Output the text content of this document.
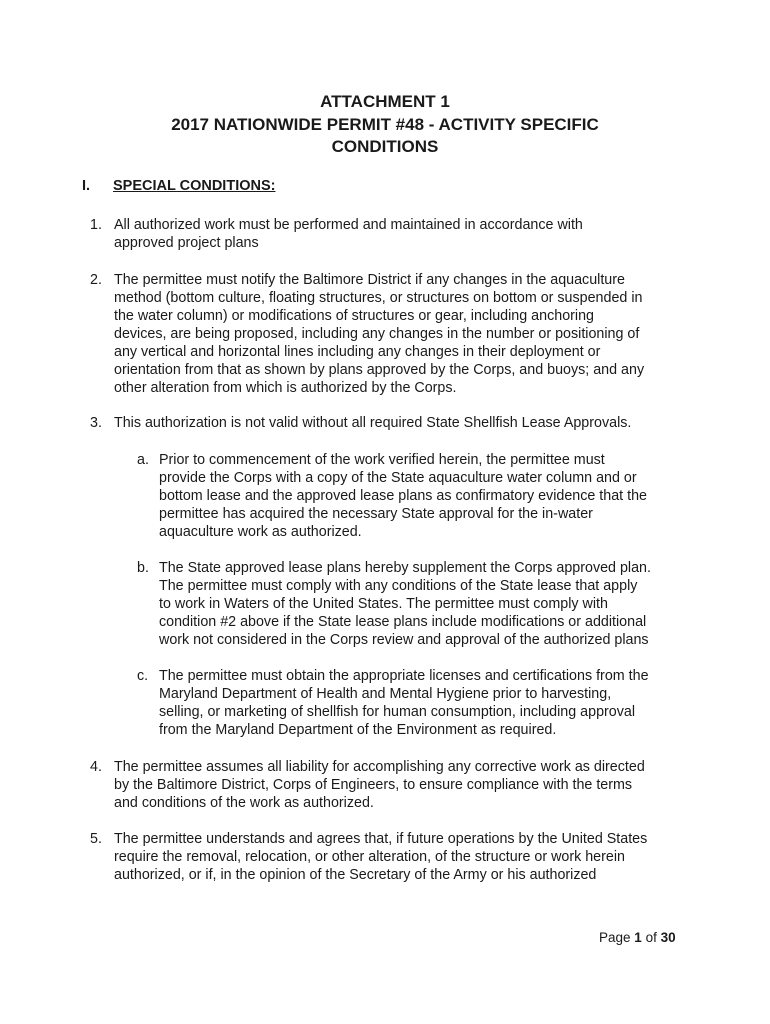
ATTACHMENT 1
2017 NATIONWIDE PERMIT #48 - ACTIVITY SPECIFIC
CONDITIONS
I. SPECIAL CONDITIONS:
1. All authorized work must be performed and maintained in accordance with
approved project plans
2. The permittee must notify the Baltimore District if any changes in the aquaculture
method (bottom culture, floating structures, or structures on bottom or suspended in
the water column) or modifications of structures or gear, including anchoring
devices, are being proposed, including any changes in the number or positioning of
any vertical and horizontal lines including any changes in their deployment or
orientation from that as shown by plans approved by the Corps, and buoys; and any
other alteration from which is authorized by the Corps.
3. This authorization is not valid without all required State Shellfish Lease Approvals.
a. Prior to commencement of the work verified herein, the permittee must
provide the Corps with a copy of the State aquaculture water column and or
bottom lease and the approved lease plans as confirmatory evidence that the
permittee has acquired the necessary State approval for the in-water
aquaculture work as authorized.
b. The State approved lease plans hereby supplement the Corps approved plan.
The permittee must comply with any conditions of the State lease that apply
to work in Waters of the United States. The permittee must comply with
condition #2 above if the State lease plans include modifications or additional
work not considered in the Corps review and approval of the authorized plans
c. The permittee must obtain the appropriate licenses and certifications from the
Maryland Department of Health and Mental Hygiene prior to harvesting,
selling, or marketing of shellfish for human consumption, including approval
from the Maryland Department of the Environment as required.
4. The permittee assumes all liability for accomplishing any corrective work as directed
by the Baltimore District, Corps of Engineers, to ensure compliance with the terms
and conditions of the work as authorized.
5. The permittee understands and agrees that, if future operations by the United States
require the removal, relocation, or other alteration, of the structure or work herein
authorized, or if, in the opinion of the Secretary of the Army or his authorized
Page 1 of 30
